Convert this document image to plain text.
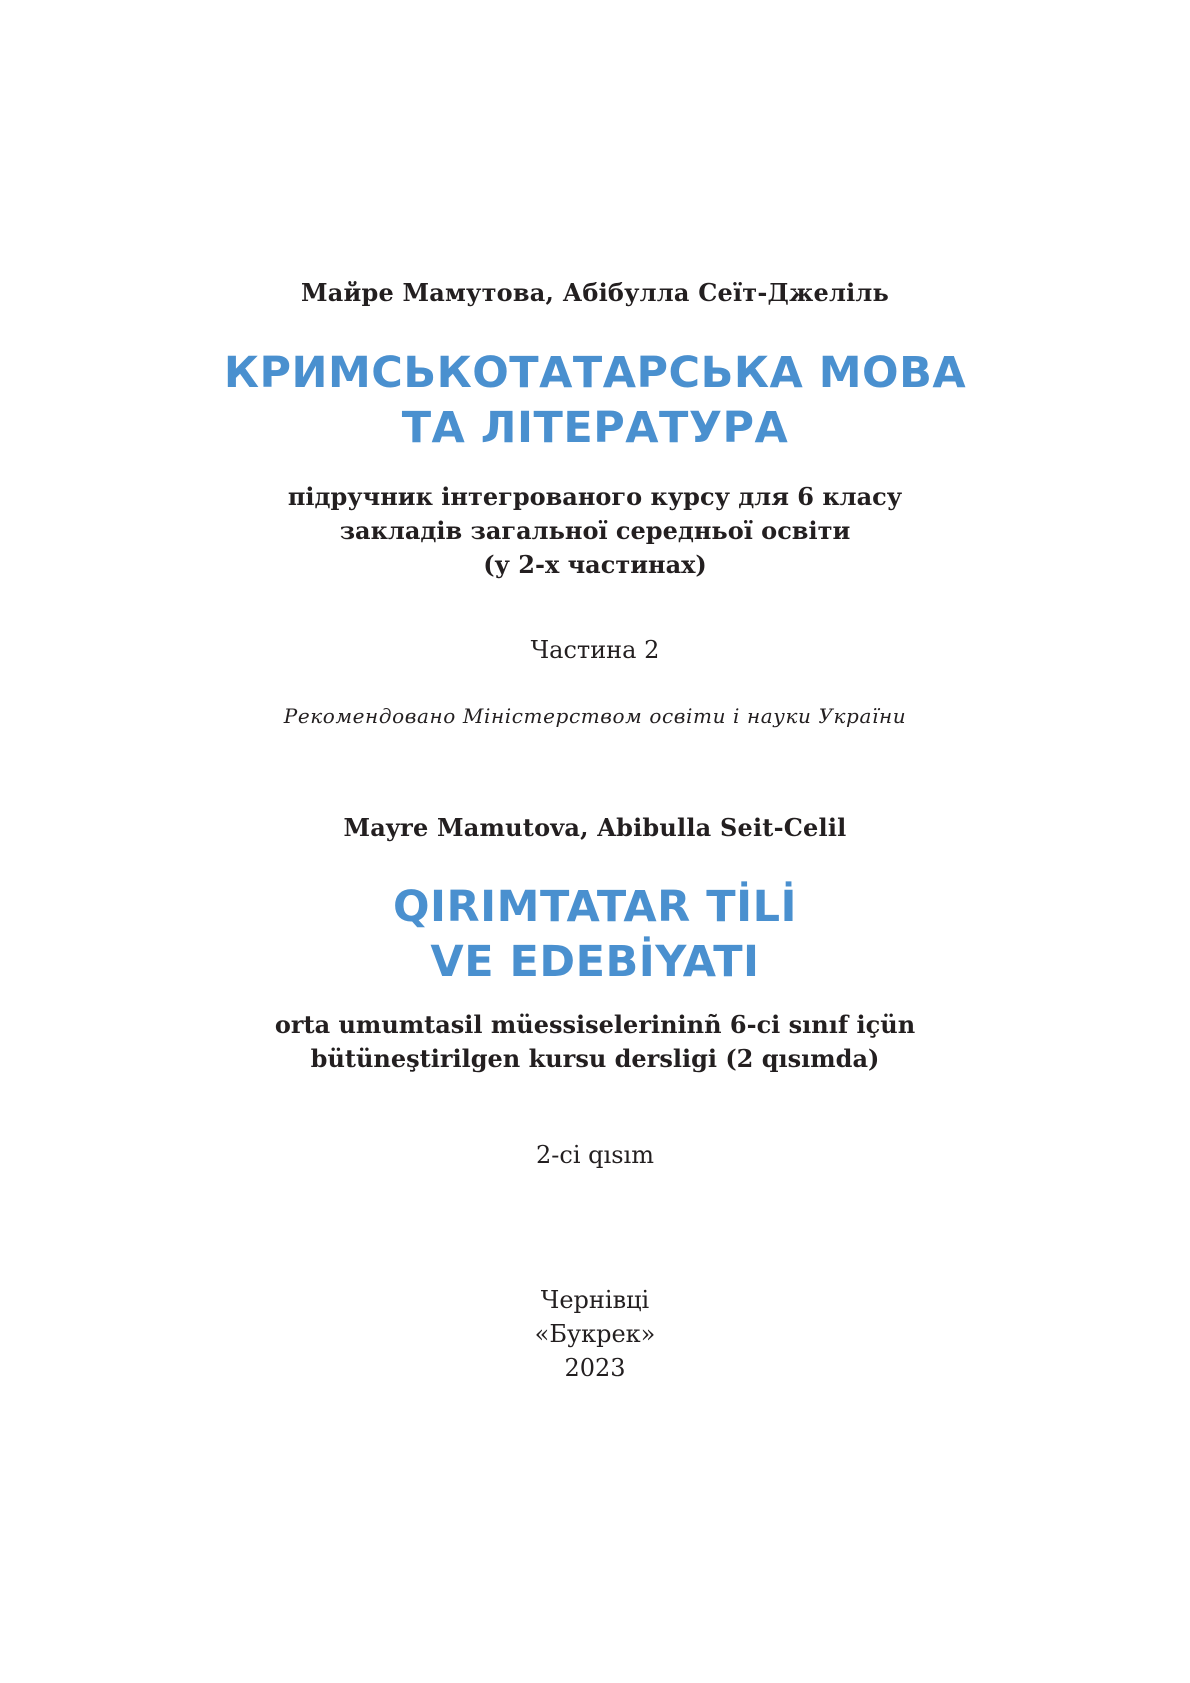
Майре Мамутова, Абібулла Сеїт-Джеліль
КРИМСЬКОТАТАРСЬКА МОВА
ТА ЛІТЕРАТУРА
підручник інтегрованого курсу для 6 класу
закладів загальної середньої освіти
(у 2-х частинах)
Частина 2
Рекомендовано Міністерством освіти і науки України
Mayre Mamutova, Abibulla Seit-Celil
QIRIMTATAR TİLİ
VE EDEBİYATI
orta umumtasil müessiselerininñ 6-ci sınıf içün
bütüneştirilgen kursu dersligi (2 qısımda)
2-ci qısım
Чернівці
«Букрек»
2023
